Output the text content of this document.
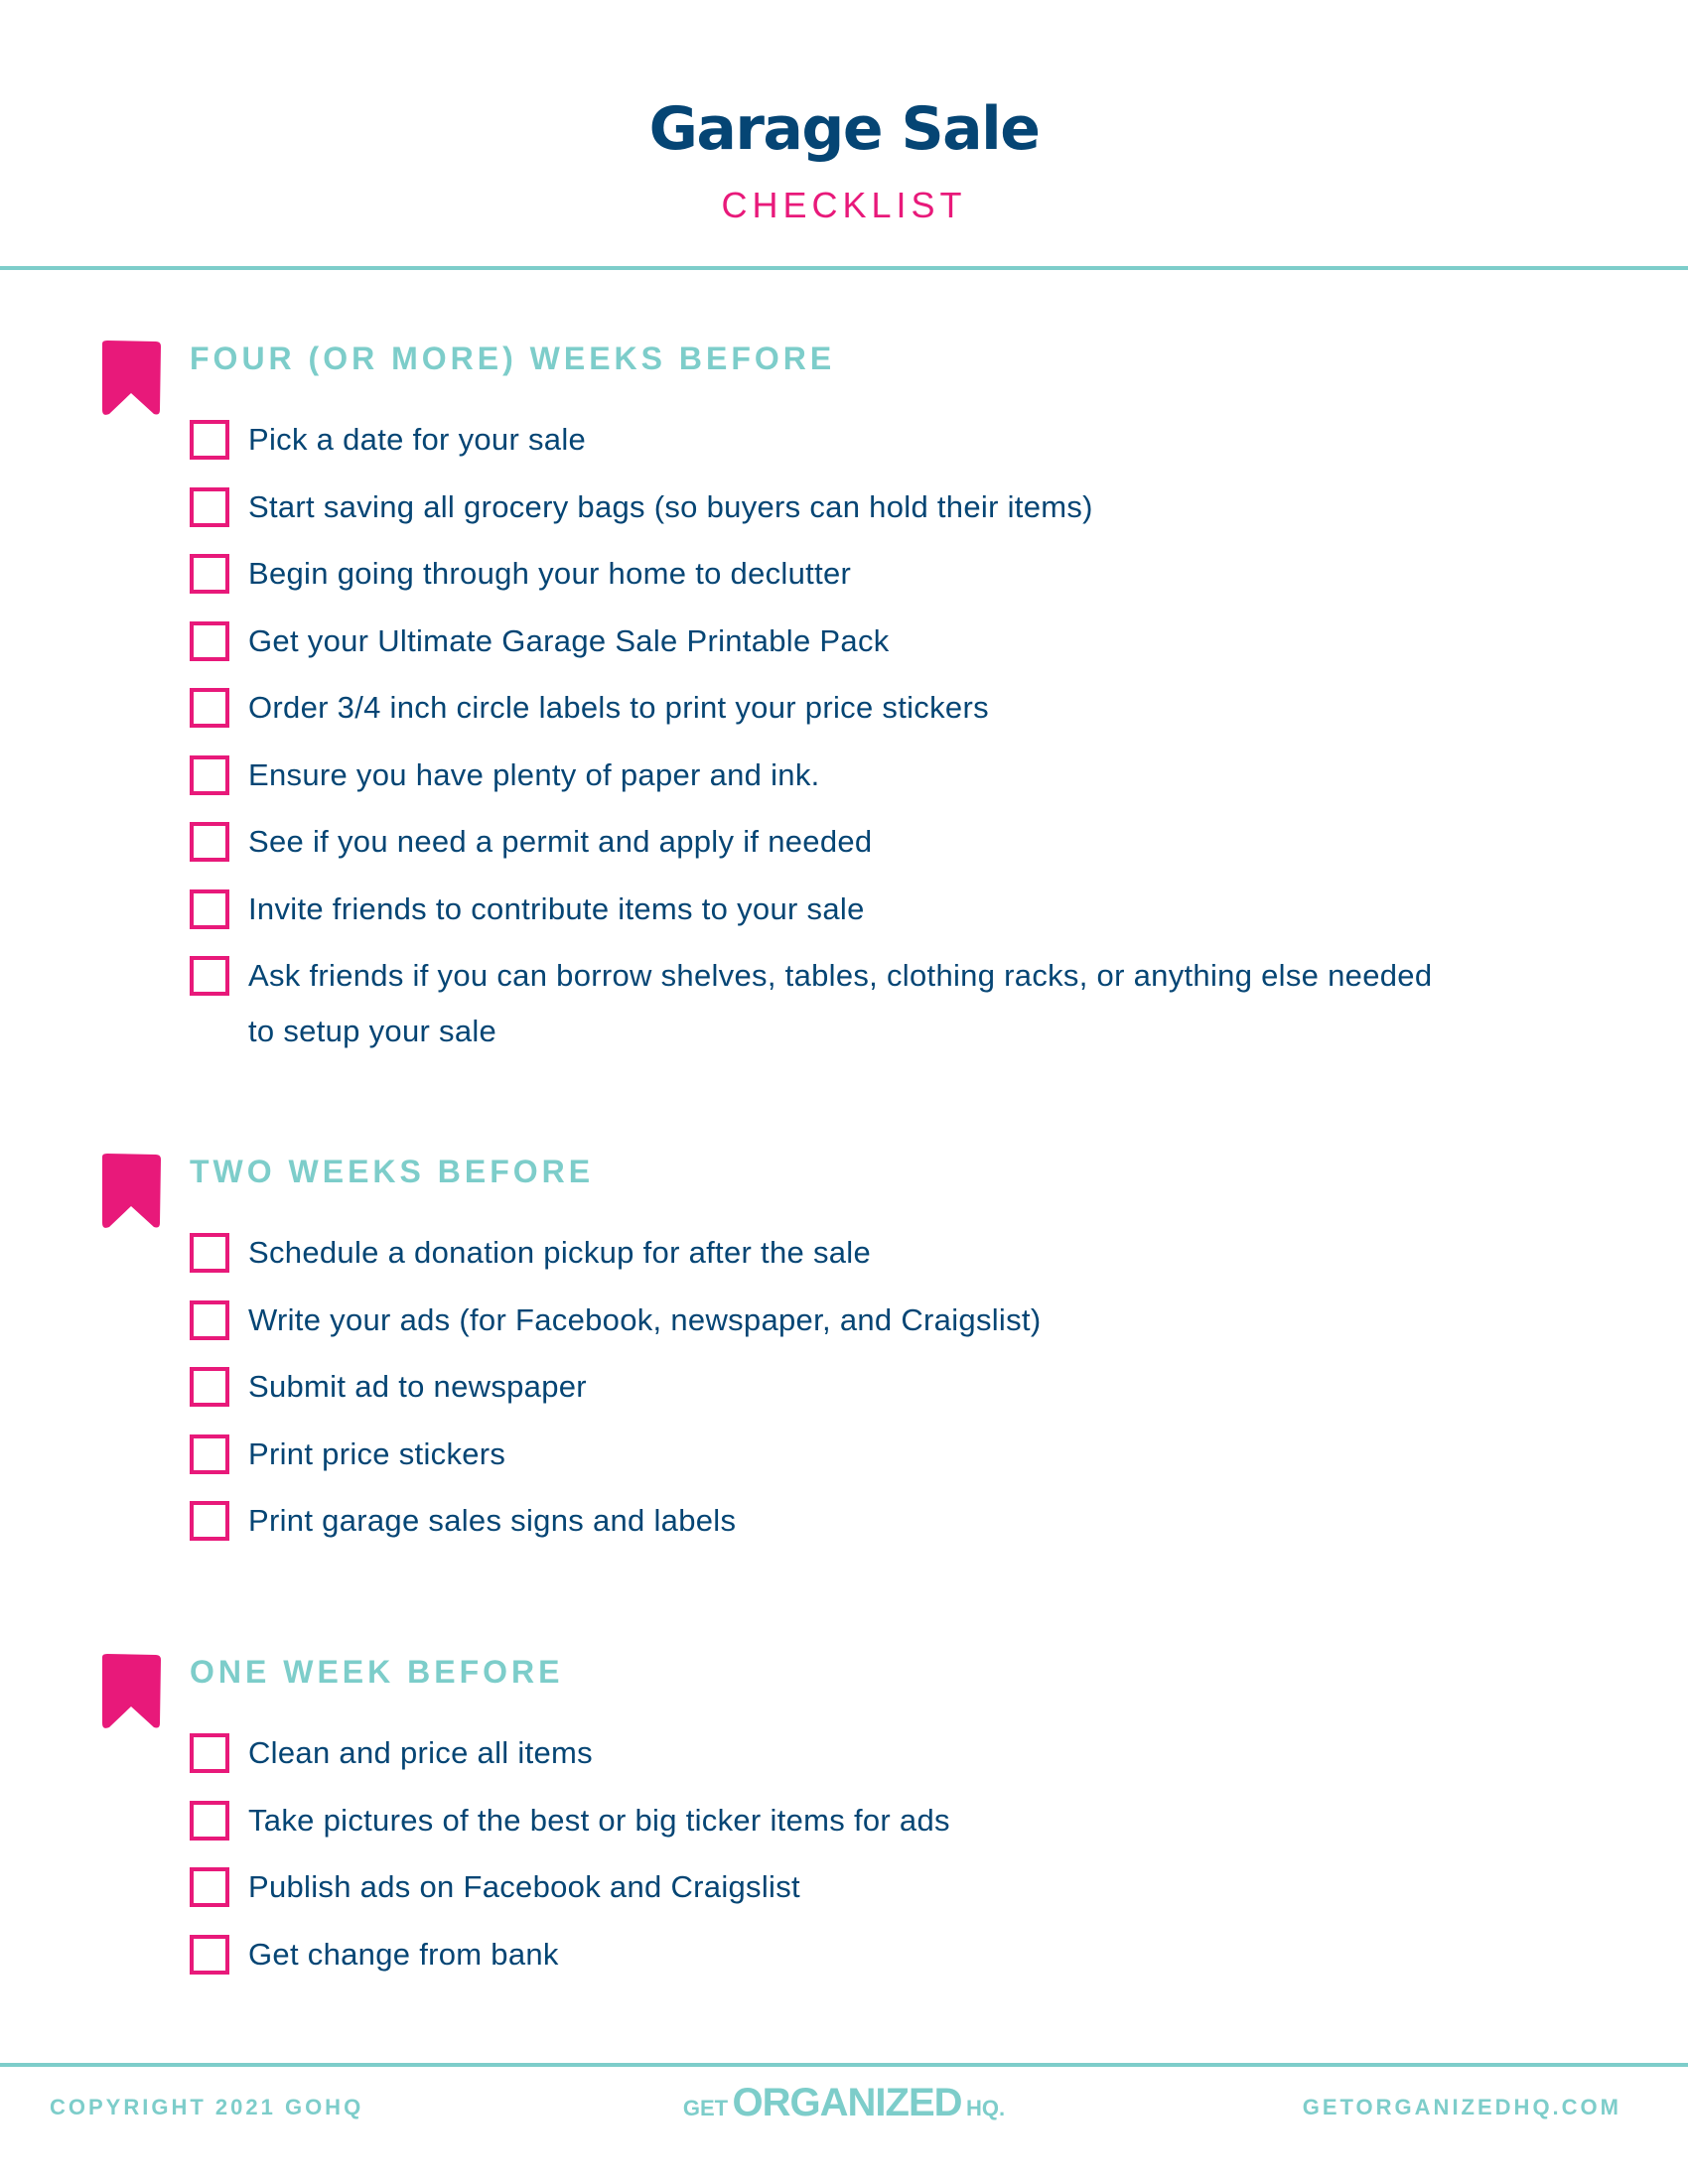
Garage Sale
CHECKLIST
FOUR (OR MORE) WEEKS BEFORE
Pick a date for your sale
Start saving all grocery bags (so buyers can hold their items)
Begin going through your home to declutter
Get your Ultimate Garage Sale Printable Pack
Order 3/4 inch circle labels to print your price stickers
Ensure you have plenty of paper and ink.
See if you need a permit and apply if needed
Invite friends to contribute items to your sale
Ask friends if you can borrow shelves, tables, clothing racks, or anything else needed to setup your sale
TWO WEEKS BEFORE
Schedule a donation pickup for after the sale
Write your ads (for Facebook, newspaper, and Craigslist)
Submit ad to newspaper
Print price stickers
Print garage sales signs and labels
ONE WEEK BEFORE
Clean and price all items
Take pictures of the best or big ticker items for ads
Publish ads on Facebook and Craigslist
Get change from bank
COPYRIGHT 2021 GOHQ	GET ORGANIZED HQ.	GETORGANIZEDHQ.COM
